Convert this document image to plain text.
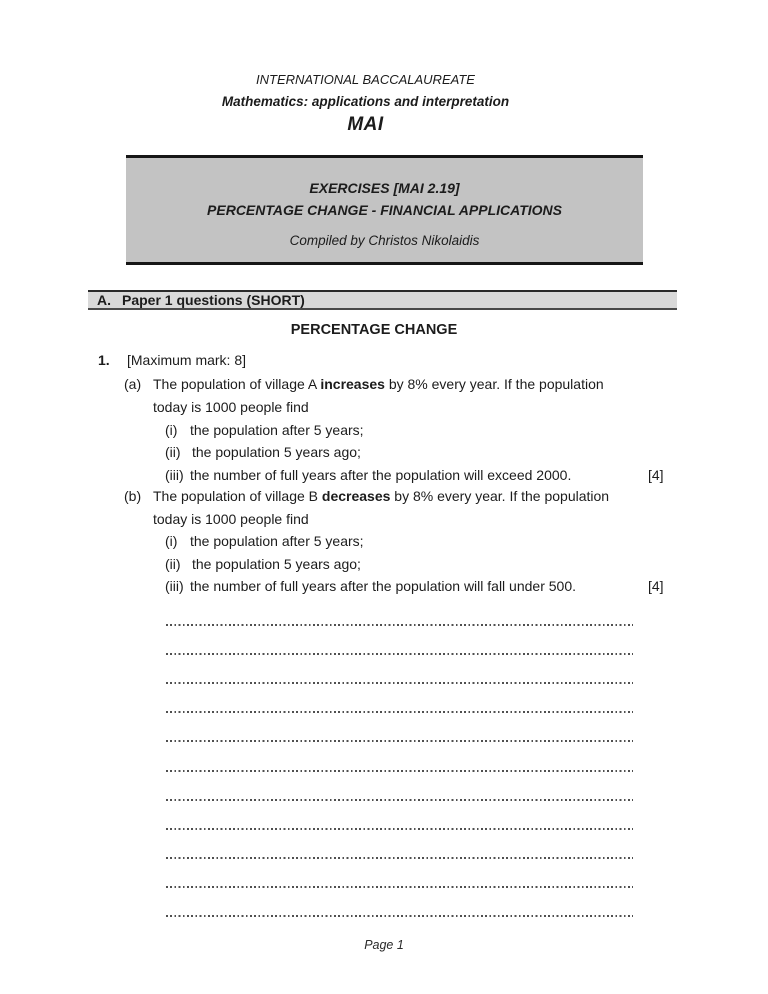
INTERNATIONAL BACCALAUREATE
Mathematics: applications and interpretation
MAI
EXERCISES [MAI 2.19]
PERCENTAGE CHANGE - FINANCIAL APPLICATIONS
Compiled by Christos Nikolaidis
A. Paper 1 questions (SHORT)
PERCENTAGE CHANGE
1. [Maximum mark: 8]
(a) The population of village A increases by 8% every year. If the population
today is 1000 people find
(i) the population after 5 years;
(ii) the population 5 years ago;
(iii) the number of full years after the population will exceed 2000.	[4]
(b) The population of village B decreases by 8% every year. If the population
today is 1000 people find
(i) the population after 5 years;
(ii) the population 5 years ago;
(iii) the number of full years after the population will fall under 500.	[4]
Page 1
